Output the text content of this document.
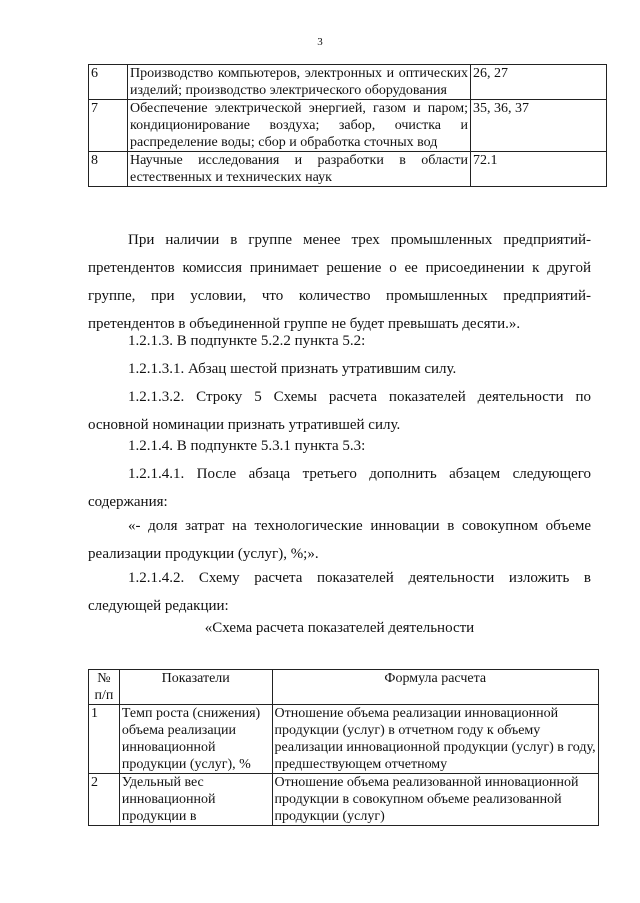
3
6	Производство компьютеров, электронных и оптических изделий; производство электрического оборудования	26, 27
7	Обеспечение электрической энергией, газом и паром; кондиционирование воздуха; забор, очистка и распределение воды; сбор и обработка сточных вод	35, 36, 37
8	Научные исследования и разработки в области естественных и технических наук	72.1

При наличии в группе менее трех промышленных предприятий-претендентов комиссия принимает решение о ее присоединении к другой группе, при условии, что количество промышленных предприятий-претендентов в объединенной группе не будет превышать десяти.».

1.2.1.3. В подпункте 5.2.2 пункта 5.2:

1.2.1.3.1. Абзац шестой признать утратившим силу.

1.2.1.3.2. Строку 5 Схемы расчета показателей деятельности по основной номинации признать утратившей силу.

1.2.1.4. В подпункте 5.3.1 пункта 5.3:

1.2.1.4.1. После абзаца третьего дополнить абзацем следующего содержания:

«- доля затрат на технологические инновации в совокупном объеме реализации продукции (услуг), %;».

1.2.1.4.2. Схему расчета показателей деятельности изложить в следующей редакции:

«Схема расчета показателей деятельности
№ п/п	Показатели	Формула расчета
1	Темп роста (снижения) объема реализации инновационной продукции (услуг), %	Отношение объема реализации инновационной продукции (услуг) в отчетном году к объему реализации инновационной продукции (услуг) в году, предшествующем отчетному
2	Удельный вес инновационной продукции в	Отношение объема реализованной инновационной продукции в совокупном объеме реализованной продукции (услуг)
